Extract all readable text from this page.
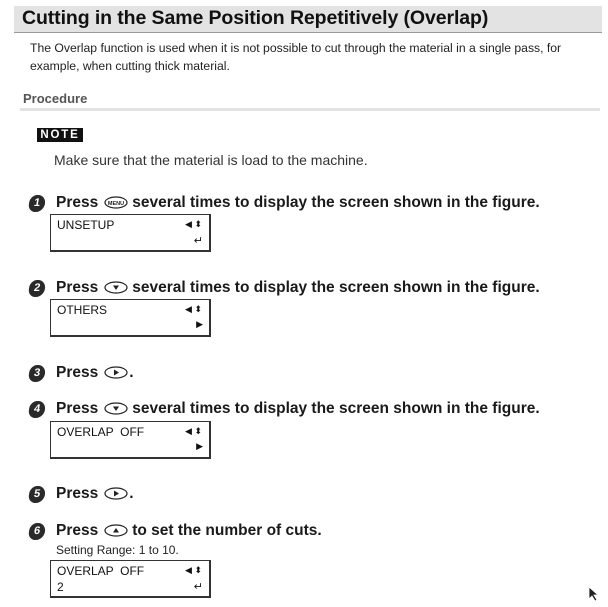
Cutting in the Same Position Repetitively (Overlap)
The Overlap function is used when it is not possible to cut through the material in a single pass, for example, when cutting thick material.
Procedure
NOTE
Make sure that the material is load to the machine.
1 Press MENU several times to display the screen shown in the figure.
UNSETUP	◀ ⬍
↵
2 Press several times to display the screen shown in the figure.
OTHERS	◀ ⬍
▶
3 Press .
4 Press several times to display the screen shown in the figure.
OVERLAP  OFF	◀ ⬍
▶
5 Press .
6 Press to set the number of cuts.
Setting Range: 1 to 10.
OVERLAP  OFF
2
◀ ⬍
↵
